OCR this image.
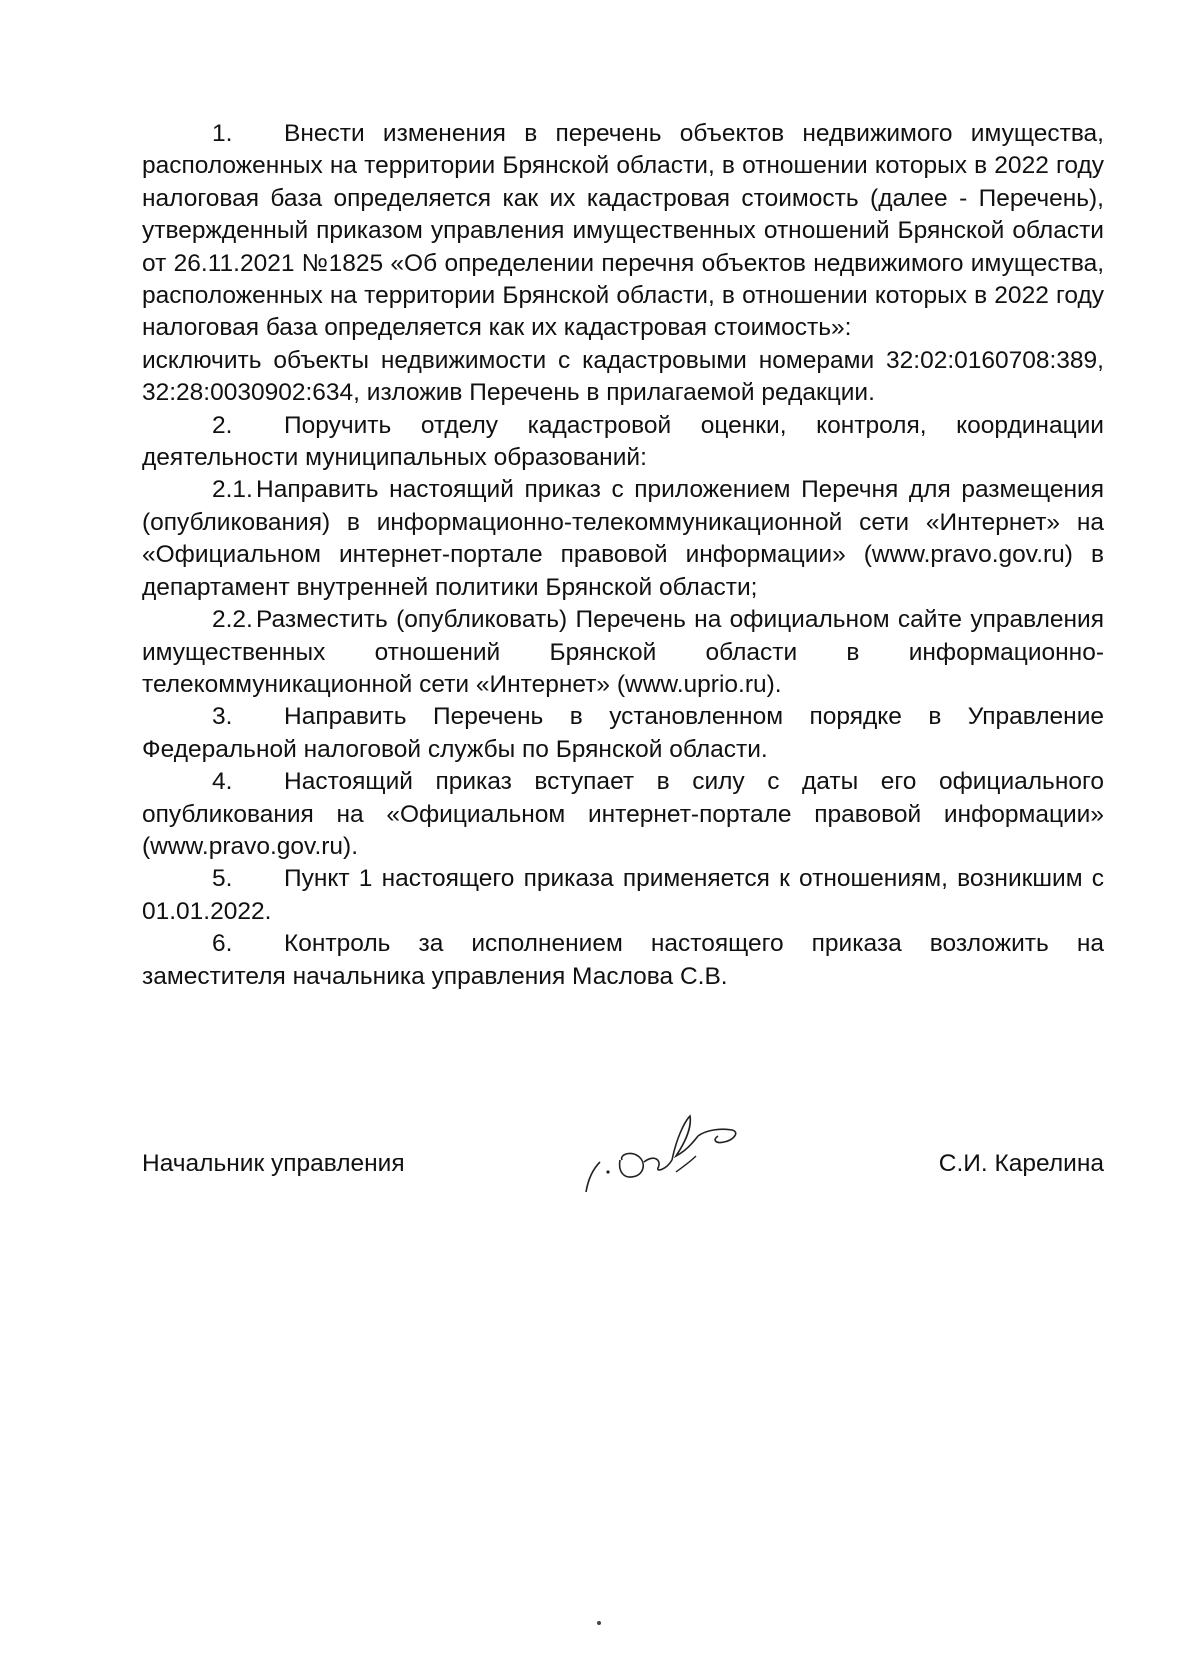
1. Внести изменения в перечень объектов недвижимого имущества, расположенных на территории Брянской области, в отношении которых в 2022 году налоговая база определяется как их кадастровая стоимость (далее - Перечень), утвержденный приказом управления имущественных отношений Брянской области от 26.11.2021 №1825 «Об определении перечня объектов недвижимого имущества, расположенных на территории Брянской области, в отношении которых в 2022 году налоговая база определяется как их кадастровая стоимость»:

исключить объекты недвижимости с кадастровыми номерами 32:02:0160708:389, 32:28:0030902:634, изложив Перечень в прилагаемой редакции.

2. Поручить отделу кадастровой оценки, контроля, координации деятельности муниципальных образований:

2.1. Направить настоящий приказ с приложением Перечня для размещения (опубликования) в информационно-телекоммуникационной сети «Интернет» на «Официальном интернет-портале правовой информации» (www.pravo.gov.ru) в департамент внутренней политики Брянской области;

2.2. Разместить (опубликовать) Перечень на официальном сайте управления имущественных отношений Брянской области в информационно-телекоммуникационной сети «Интернет» (www.uprio.ru).

3. Направить Перечень в установленном порядке в Управление Федеральной налоговой службы по Брянской области.

4. Настоящий приказ вступает в силу с даты его официального опубликования на «Официальном интернет-портале правовой информации» (www.pravo.gov.ru).

5. Пункт 1 настоящего приказа применяется к отношениям, возникшим с 01.01.2022.

6. Контроль за исполнением настоящего приказа возложить на заместителя начальника управления Маслова С.В.

Начальник управления	С.И. Карелина
